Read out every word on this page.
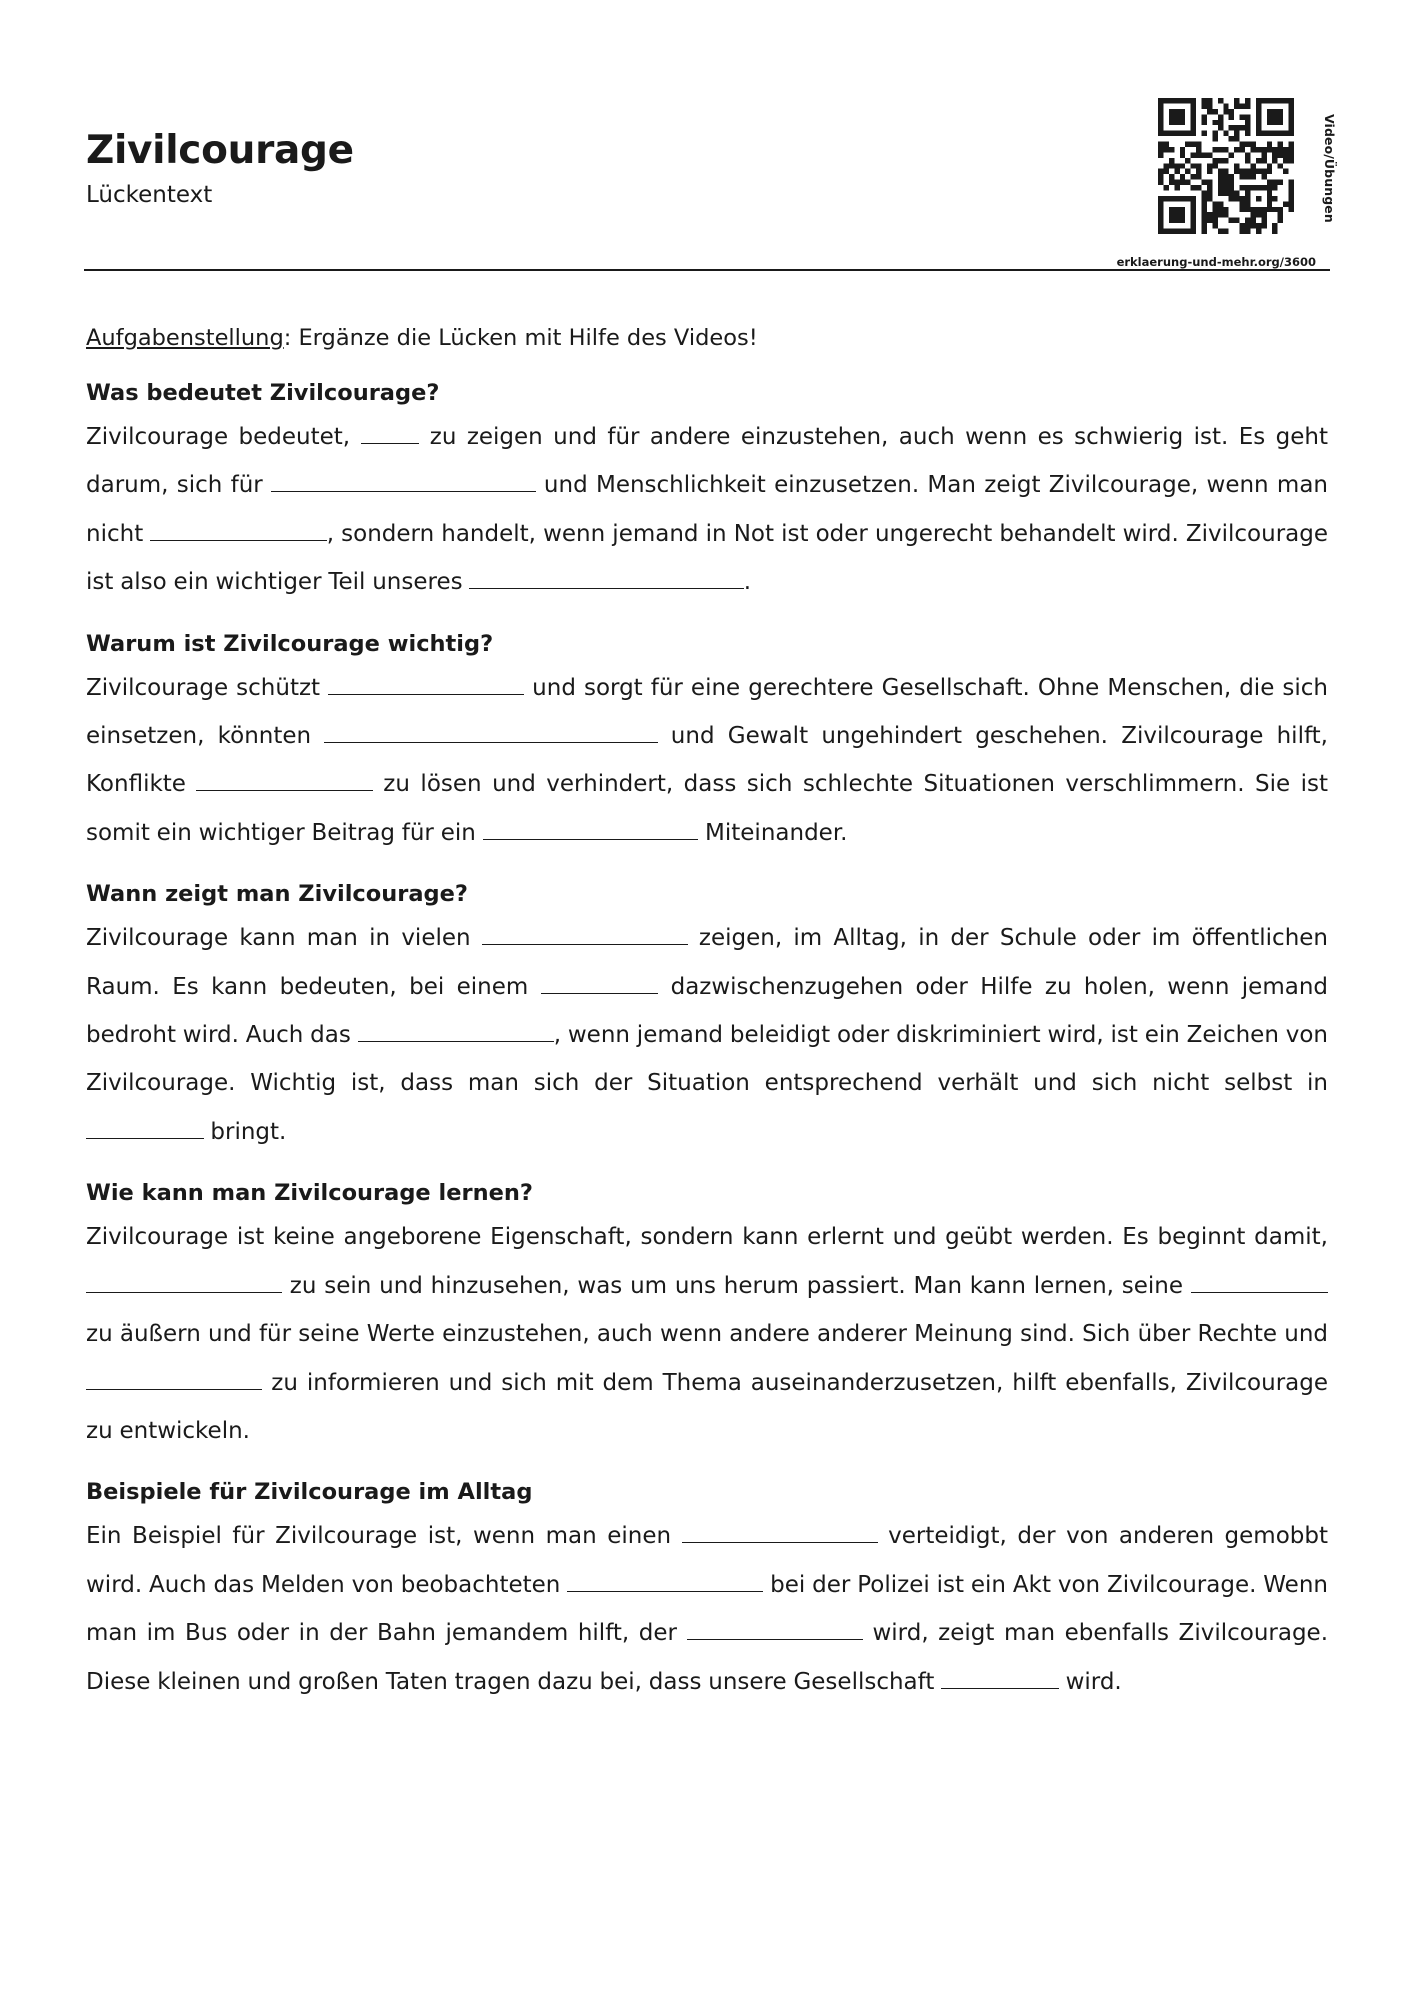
Zivilcourage
Lückentext	Video/Übungen
erklaerung-und-mehr.org/3600

Aufgabenstellung: Ergänze die Lücken mit Hilfe des Videos!

Was bedeutet Zivilcourage?

Zivilcourage bedeutet,	zu zeigen und für andere einzustehen, auch wenn es schwierig ist. Es geht darum, sich für	und Menschlichkeit einzusetzen. Man zeigt Zivilcourage, wenn man nicht	, sondern handelt, wenn jemand in Not ist oder ungerecht behandelt wird. Zivilcourage ist also ein wichtiger Teil unseres	.

Warum ist Zivilcourage wichtig?

Zivilcourage schützt	und sorgt für eine gerechtere Gesellschaft. Ohne Menschen, die sich einsetzen, könnten	und Gewalt ungehindert geschehen. Zivilcourage hilft, Konflikte	zu lösen und verhindert, dass sich schlechte Situationen verschlimmern. Sie ist somit ein wichtiger Beitrag für ein	Miteinander.

Wann zeigt man Zivilcourage?

Zivilcourage kann man in vielen	zeigen, im Alltag, in der Schule oder im öffentlichen Raum. Es kann bedeuten, bei einem	dazwischenzugehen oder Hilfe zu holen, wenn jemand bedroht wird. Auch das	, wenn jemand beleidigt oder diskriminiert wird, ist ein Zeichen von Zivilcourage. Wichtig ist, dass man sich der Situation entsprechend verhält und sich nicht selbst in  bringt.

Wie kann man Zivilcourage lernen?

Zivilcourage ist keine angeborene Eigenschaft, sondern kann erlernt und geübt werden. Es beginnt damit,  zu sein und hinzusehen, was um uns herum passiert. Man kann lernen, seine  zu äußern und für seine Werte einzustehen, auch wenn andere anderer Meinung sind. Sich über Rechte und  zu informieren und sich mit dem Thema auseinanderzusetzen, hilft ebenfalls, Zivilcourage zu entwickeln.

Beispiele für Zivilcourage im Alltag

Ein Beispiel für Zivilcourage ist, wenn man einen	verteidigt, der von anderen gemobbt wird. Auch das Melden von beobachteten	bei der Polizei ist ein Akt von Zivilcourage. Wenn man im Bus oder in der Bahn jemandem hilft, der	wird, zeigt man ebenfalls Zivilcourage. Diese kleinen und großen Taten tragen dazu bei, dass unsere Gesellschaft	wird.
